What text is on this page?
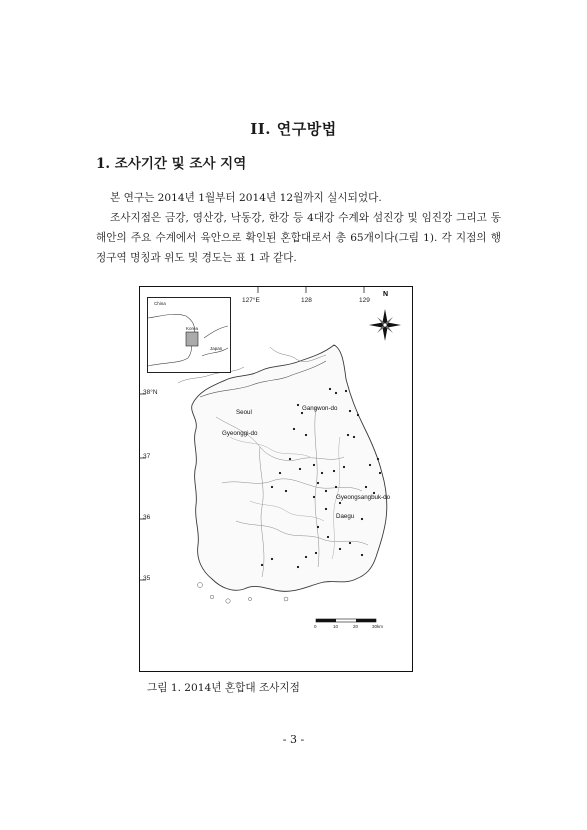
II. 연구방법
1. 조사기간 및 조사 지역
본 연구는 2014년 1월부터 2014년 12월까지 실시되었다.
조사지점은 금강, 영산강, 낙동강, 한강 등 4대강 수계와 섬진강 및 임진강 그리고 동해안의 주요 수계에서 육안으로 확인된 혼합대로서 총 65개이다(그림 1). 각 지점의 행정구역 명칭과 위도 및 경도는 표 1 과 같다.
China
Korea
Japan
127°E	128	129
38°N
37
36
35
N
Seoul
Gangwon-do
Gyeonggi-do
Gyeongsangbuk-do
Daegu
0	10	20	30km
그림 1. 2014년 혼합대 조사지점
- 3 -
